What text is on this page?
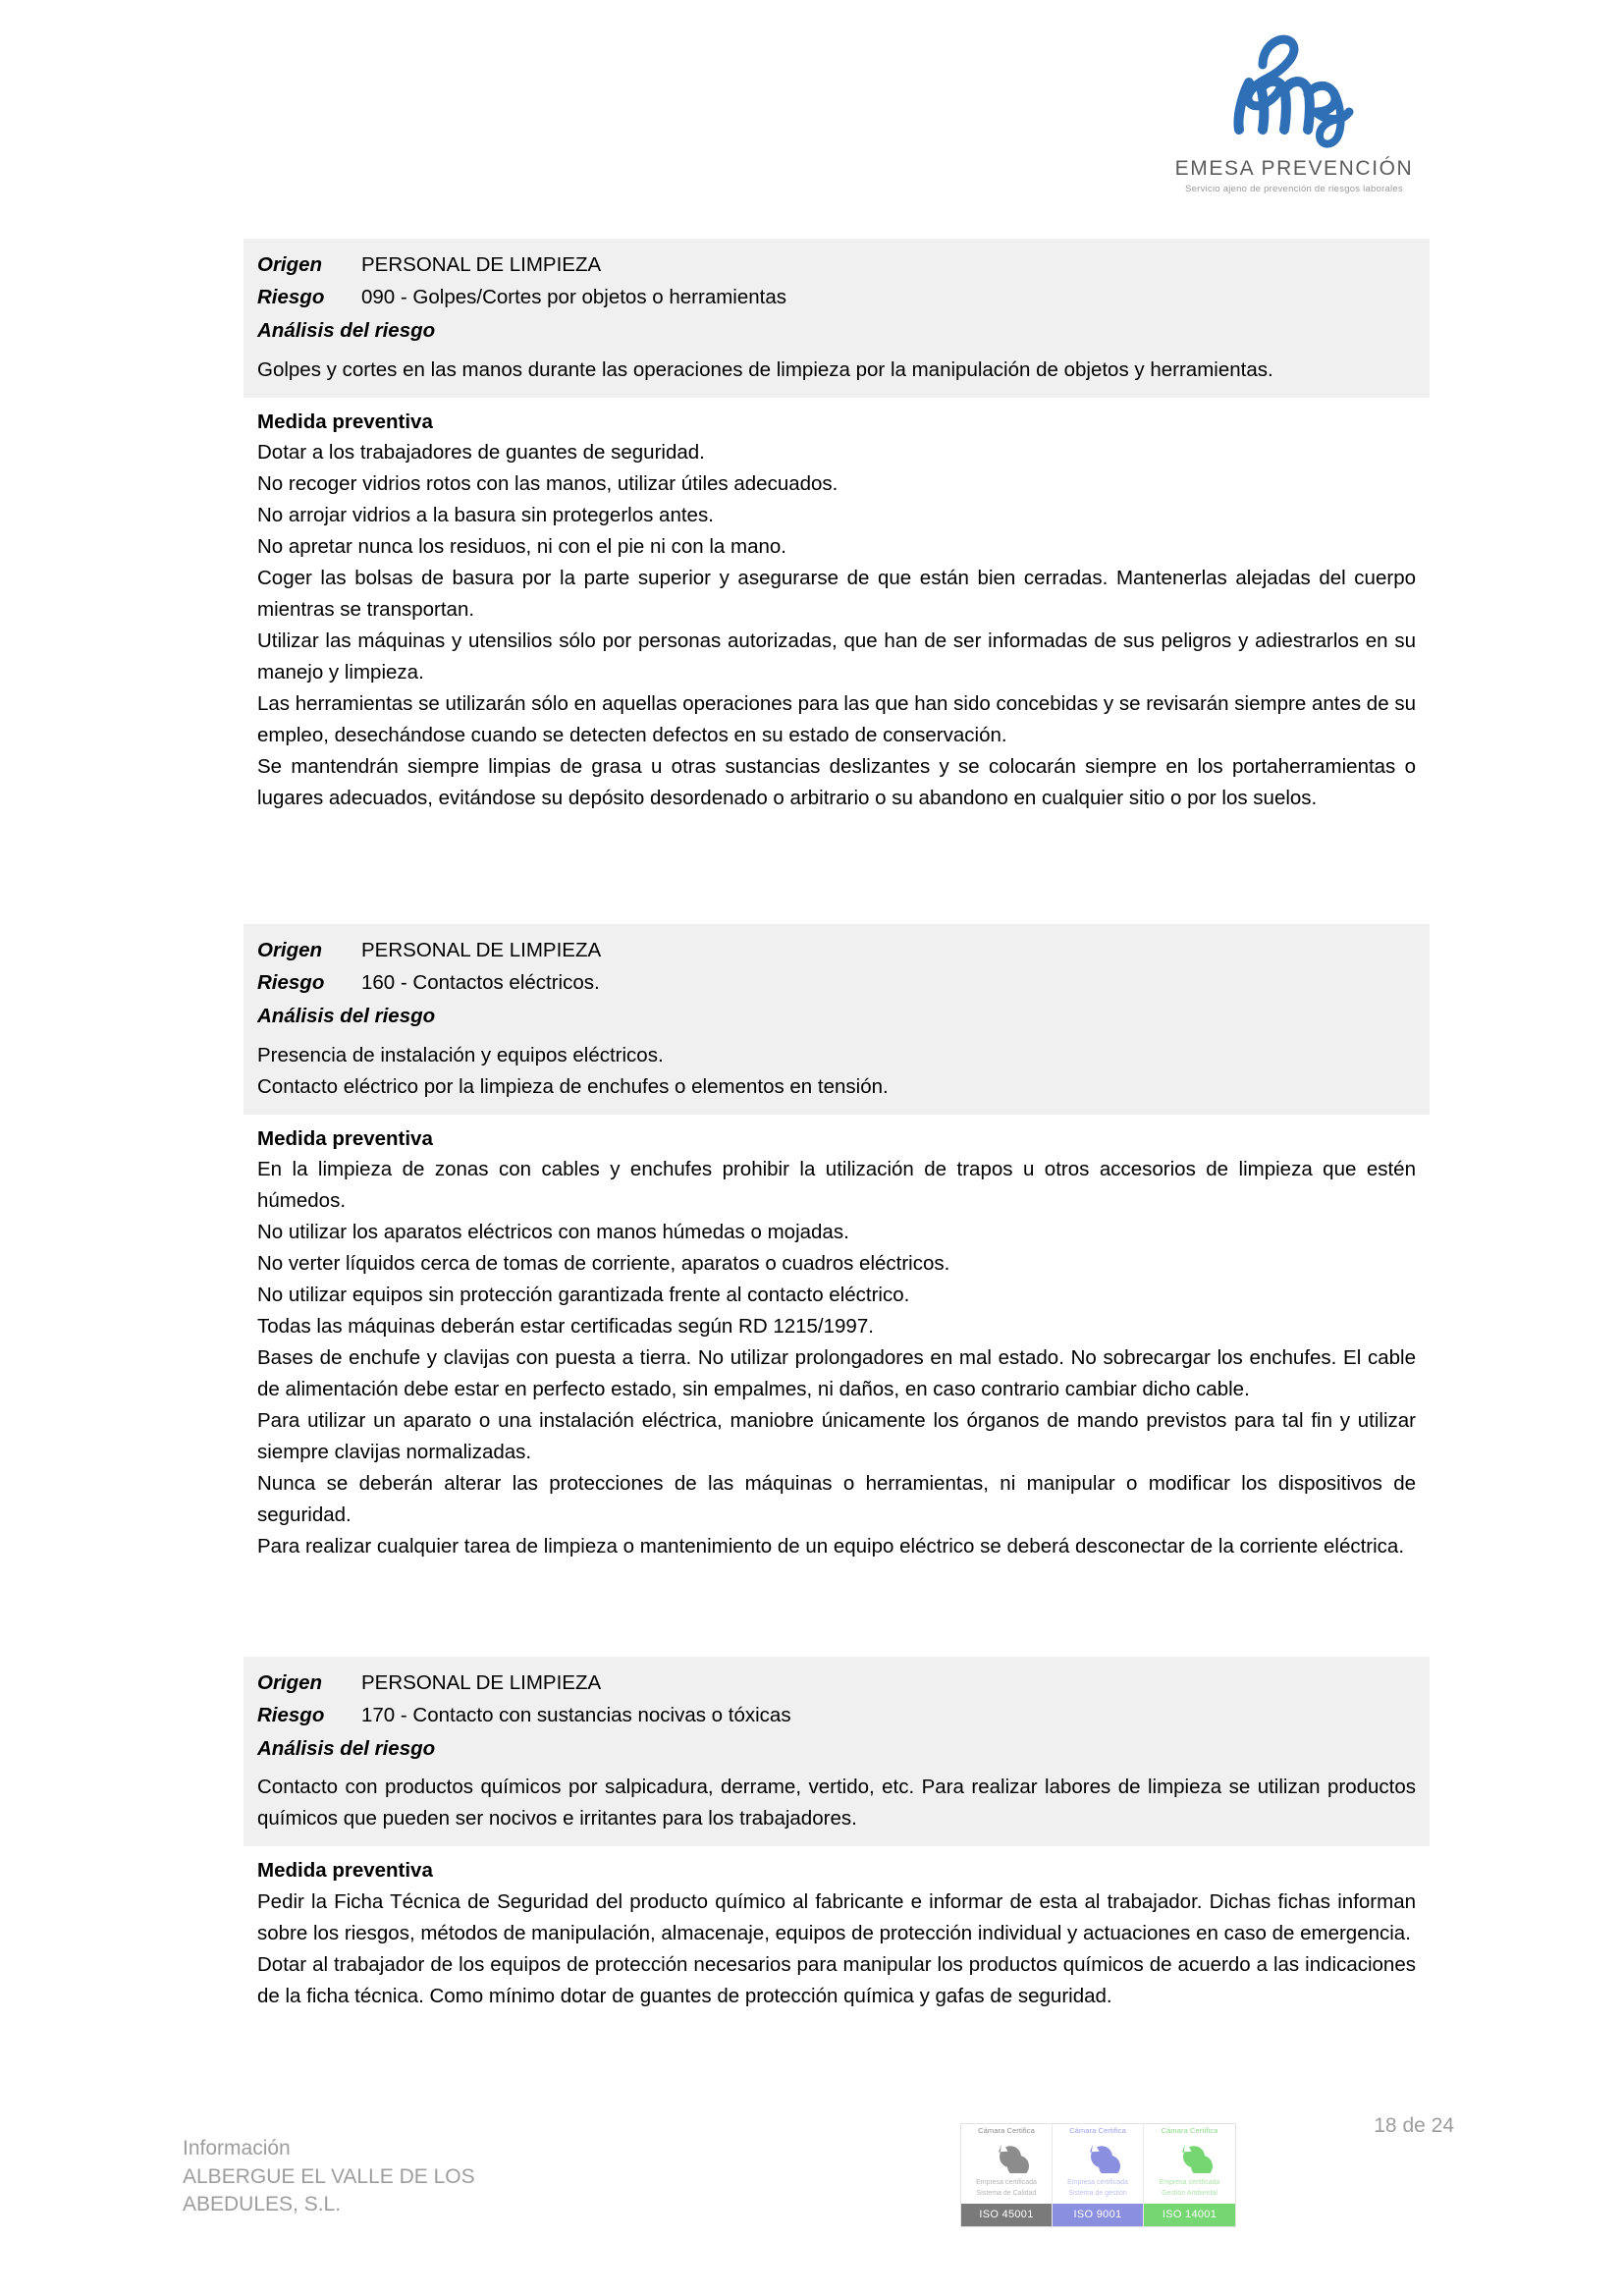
EMESA PREVENCIÓN
Servicio ajeno de prevención de riesgos laborales
Origen	PERSONAL DE LIMPIEZA
Riesgo	090 - Golpes/Cortes por objetos o herramientas
Análisis del riesgo

Golpes y cortes en las manos durante las operaciones de limpieza por la manipulación de objetos y herramientas.

Medida preventiva

Dotar a los trabajadores de guantes de seguridad.

No recoger vidrios rotos con las manos, utilizar útiles adecuados.

No arrojar vidrios a la basura sin protegerlos antes.

No apretar nunca los residuos, ni con el pie ni con la mano.

Coger las bolsas de basura por la parte superior y asegurarse de que están bien cerradas. Mantenerlas alejadas del cuerpo mientras se transportan.

Utilizar las máquinas y utensilios sólo por personas autorizadas, que han de ser informadas de sus peligros y adiestrarlos en su manejo y limpieza.

Las herramientas se utilizarán sólo en aquellas operaciones para las que han sido concebidas y se revisarán siempre antes de su empleo, desechándose cuando se detecten defectos en su estado de conservación.

Se mantendrán siempre limpias de grasa u otras sustancias deslizantes y se colocarán siempre en los portaherramientas o lugares adecuados, evitándose su depósito desordenado o arbitrario o su abandono en cualquier sitio o por los suelos.

Origen	PERSONAL DE LIMPIEZA
Riesgo	160 - Contactos eléctricos.
Análisis del riesgo

Presencia de instalación y equipos eléctricos.

Contacto eléctrico por la limpieza de enchufes o elementos en tensión.

Medida preventiva

En la limpieza de zonas con cables y enchufes prohibir la utilización de trapos u otros accesorios de limpieza que estén húmedos.

No utilizar los aparatos eléctricos con manos húmedas o mojadas.

No verter líquidos cerca de tomas de corriente, aparatos o cuadros eléctricos.

No utilizar equipos sin protección garantizada frente al contacto eléctrico.

Todas las máquinas deberán estar certificadas según RD 1215/1997.

Bases de enchufe y clavijas con puesta a tierra. No utilizar prolongadores en mal estado. No sobrecargar los enchufes. El cable de alimentación debe estar en perfecto estado, sin empalmes, ni daños, en caso contrario cambiar dicho cable.

Para utilizar un aparato o una instalación eléctrica, maniobre únicamente los órganos de mando previstos para tal fin y utilizar siempre clavijas normalizadas.

Nunca se deberán alterar las protecciones de las máquinas o herramientas, ni manipular o modificar los dispositivos de seguridad.

Para realizar cualquier tarea de limpieza o mantenimiento de un equipo eléctrico se deberá desconectar de la corriente eléctrica.

Origen	PERSONAL DE LIMPIEZA
Riesgo	170 - Contacto con sustancias nocivas o tóxicas
Análisis del riesgo

Contacto con productos químicos por salpicadura, derrame, vertido, etc. Para realizar labores de limpieza se utilizan productos químicos que pueden ser nocivos e irritantes para los trabajadores.

Medida preventiva

Pedir la Ficha Técnica de Seguridad del producto químico al fabricante e informar de esta al trabajador. Dichas fichas informan sobre los riesgos, métodos de manipulación, almacenaje, equipos de protección individual y actuaciones en caso de emergencia.

Dotar al trabajador de los equipos de protección necesarios para manipular los productos químicos de acuerdo a las indicaciones de la ficha técnica. Como mínimo dotar de guantes de protección química y gafas de seguridad.

18 de 24
Cámara Certifica
Empresa certificada
Sistema de Calidad
ISO 45001
Cámara Certifica
Empresa certificada
Sistema de gestión
ISO 9001
Cámara Certifica
Empresa certificada
Gestión Ambiental
ISO 14001
Información
ALBERGUE EL VALLE DE LOS
ABEDULES, S.L.
